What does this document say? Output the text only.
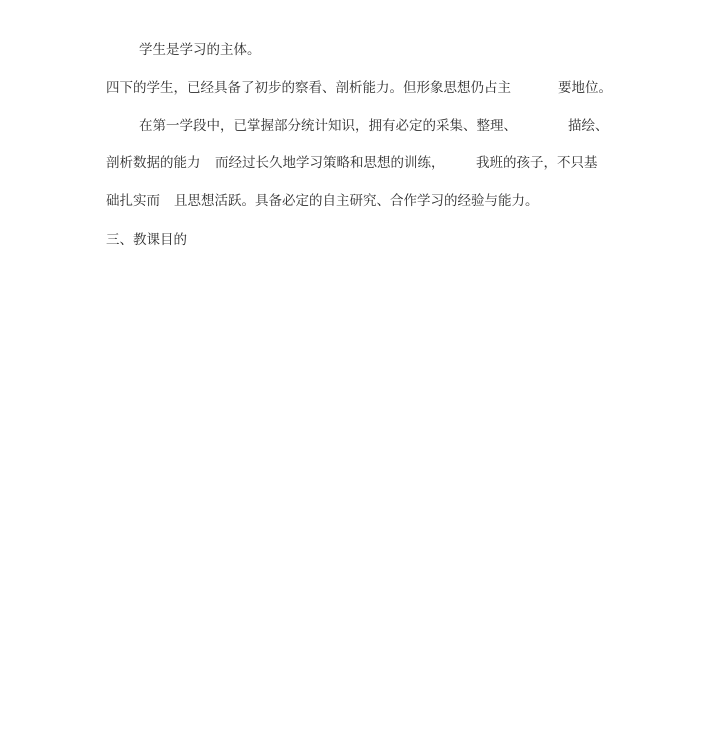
学生是学习的主体。
四下的学生，已经具备了初步的察看、剖析能力。但形象思想仍占主	要地位。
在第一学段中，已掌握部分统计知识，拥有必定的采集、整理、	描绘、
剖析数据的能力 而经过长久地学习策略和思想的训练， 我班的孩子，不只基
础扎实而 且思想活跃。具备必定的自主研究、合作学习的经验与能力。
三、教课目的
